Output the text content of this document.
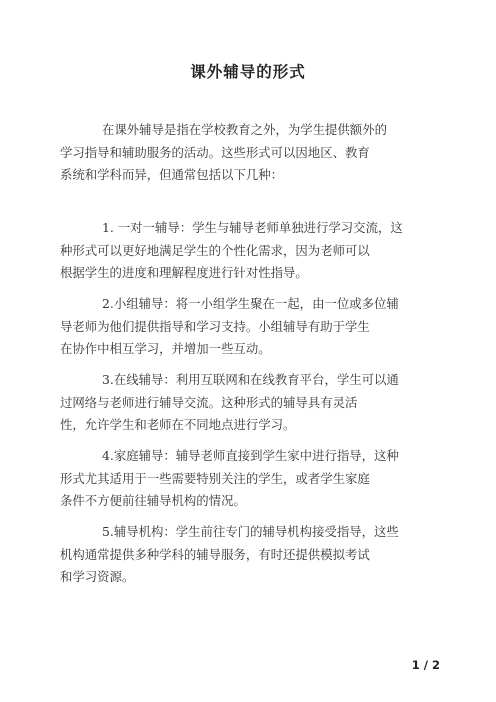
课外辅导的形式
在课外辅导是指在学校教育之外，为学生提供额外的
学习指导和辅助服务的活动。这些形式可以因地区、教育
系统和学科而异，但通常包括以下几种：
1. 一对一辅导：学生与辅导老师单独进行学习交流，这
种形式可以更好地满足学生的个性化需求，因为老师可以
根据学生的进度和理解程度进行针对性指导。
2.小组辅导：将一小组学生聚在一起，由一位或多位辅
导老师为他们提供指导和学习支持。小组辅导有助于学生
在协作中相互学习，并增加一些互动。
3.在线辅导：利用互联网和在线教育平台，学生可以通
过网络与老师进行辅导交流。这种形式的辅导具有灵活
性，允许学生和老师在不同地点进行学习。
4.家庭辅导：辅导老师直接到学生家中进行指导，这种
形式尤其适用于一些需要特别关注的学生，或者学生家庭
条件不方便前往辅导机构的情况。
5.辅导机构：学生前往专门的辅导机构接受指导，这些
机构通常提供多种学科的辅导服务，有时还提供模拟考试
和学习资源。
1 / 2
